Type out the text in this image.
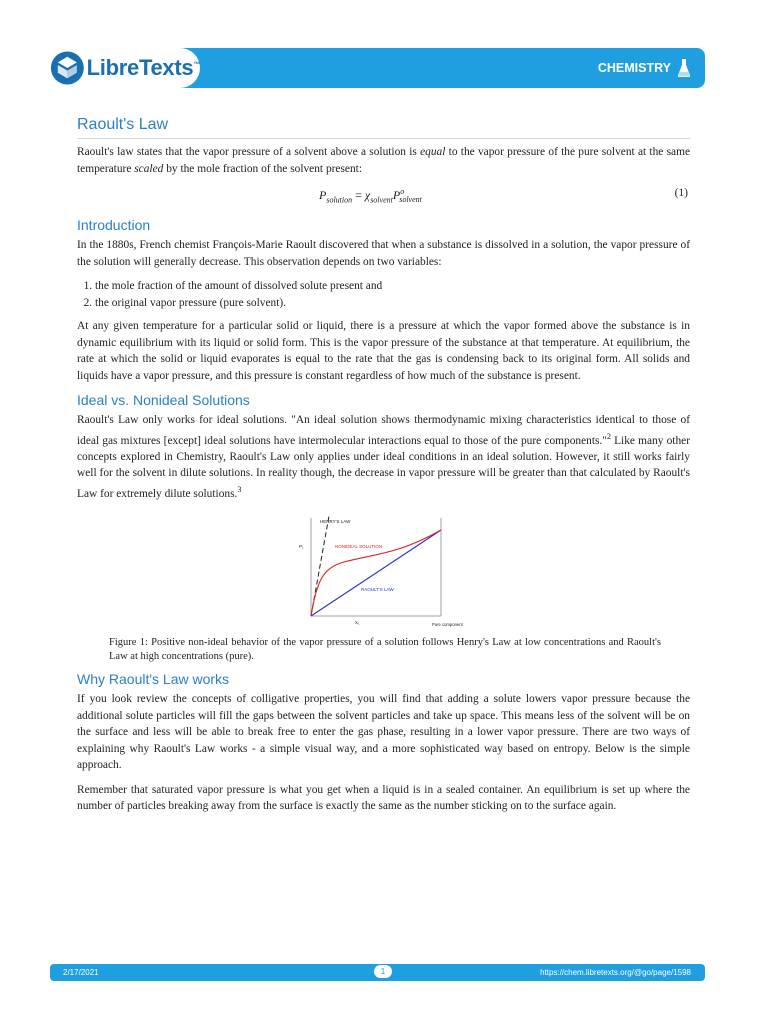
CHEMISTRY
LibreTexts™
Raoult's Law

Raoult's law states that the vapor pressure of a solvent above a solution is equal to the vapor pressure of the pure solvent at the same temperature scaled by the mole fraction of the solvent present:

$P_{solution} = \chi_{solvent}P^o_{solvent}$
(1)
Introduction

In the 1880s, French chemist François-Marie Raoult discovered that when a substance is dissolved in a solution, the vapor pressure of the solution will generally decrease. This observation depends on two variables:

1. the mole fraction of the amount of dissolved solute present and
2. the original vapor pressure (pure solvent).

At any given temperature for a particular solid or liquid, there is a pressure at which the vapor formed above the substance is in dynamic equilibrium with its liquid or solid form. This is the vapor pressure of the substance at that temperature. At equilibrium, the rate at which the solid or liquid evaporates is equal to the rate that the gas is condensing back to its original form. All solids and liquids have a vapor pressure, and this pressure is constant regardless of how much of the substance is present.

Ideal vs. Nonideal Solutions

Raoult's Law only works for ideal solutions. "An ideal solution shows thermodynamic mixing characteristics identical to those of ideal gas mixtures [except] ideal solutions have intermolecular interactions equal to those of the pure components."$^2$ Like many other concepts explored in Chemistry, Raoult's Law only applies under ideal conditions in an ideal solution. However, it still works fairly well for the solvent in dilute solutions. In reality though, the decrease in vapor pressure will be greater than that calculated by Raoult's Law for extremely dilute solutions.$^3$

HENRY'S LAW
NONIDEAL SOLUTION
RAOULT'S LAW
P₁
X₁	Pure component

Figure 1: Positive non-ideal behavior of the vapor pressure of a solution follows Henry's Law at low concentrations and Raoult's Law at high concentrations (pure).

Why Raoult's Law works

If you look review the concepts of colligative properties, you will find that adding a solute lowers vapor pressure because the additional solute particles will fill the gaps between the solvent particles and take up space. This means less of the solvent will be on the surface and less will be able to break free to enter the gas phase, resulting in a lower vapor pressure. There are two ways of explaining why Raoult's Law works - a simple visual way, and a more sophisticated way based on entropy. Below is the simple approach.

Remember that saturated vapor pressure is what you get when a liquid is in a sealed container. An equilibrium is set up where the number of particles breaking away from the surface is exactly the same as the number sticking on to the surface again.

2/17/2021	1	https://chem.libretexts.org/@go/page/1598
